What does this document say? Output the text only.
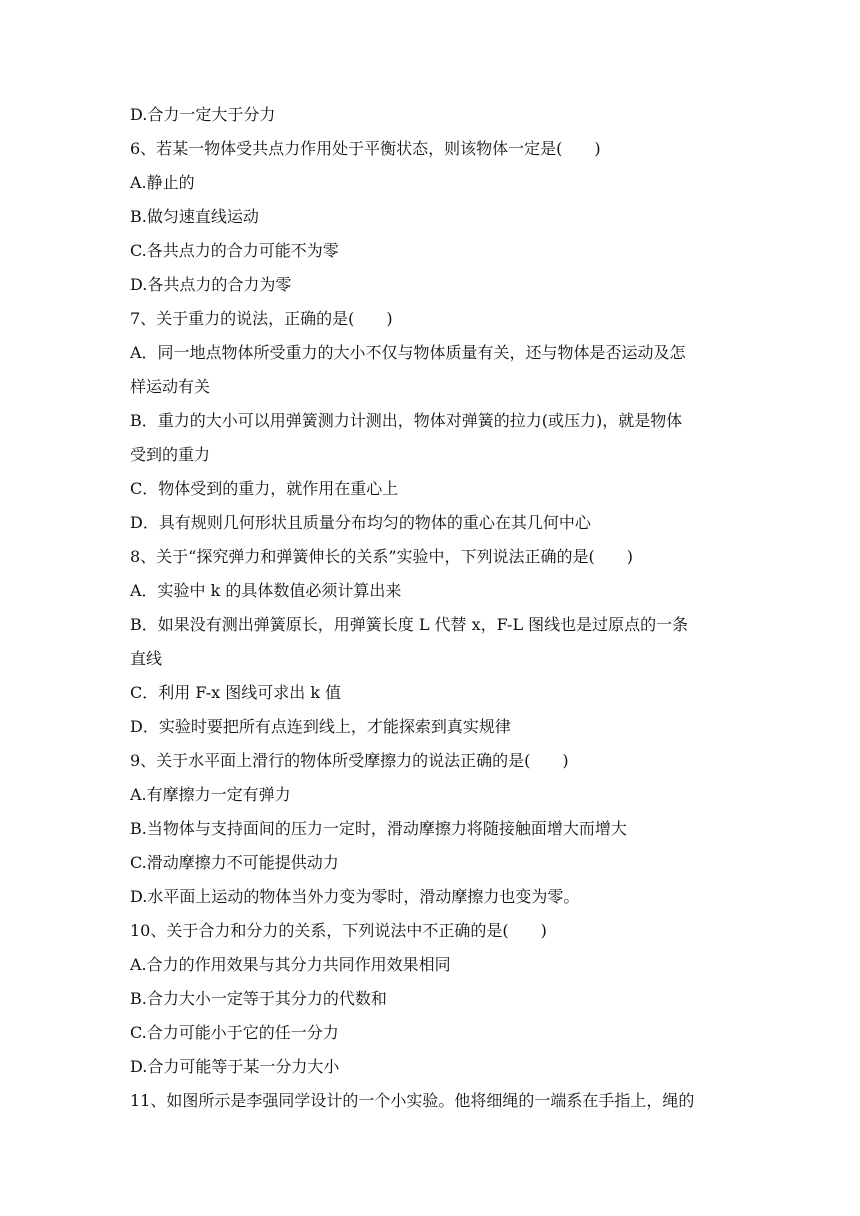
D.合力一定大于分力
6、若某一物体受共点力作用处于平衡状态，则该物体一定是(　　)
A.静止的
B.做匀速直线运动
C.各共点力的合力可能不为零
D.各共点力的合力为零
7、关于重力的说法，正确的是(　　)
A．同一地点物体所受重力的大小不仅与物体质量有关，还与物体是否运动及怎
样运动有关
B．重力的大小可以用弹簧测力计测出，物体对弹簧的拉力(或压力)，就是物体
受到的重力
C．物体受到的重力，就作用在重心上
D．具有规则几何形状且质量分布均匀的物体的重心在其几何中心
8、关于“探究弹力和弹簧伸长的关系”实验中，下列说法正确的是(　　)
A．实验中 k 的具体数值必须计算出来
B．如果没有测出弹簧原长，用弹簧长度 L 代替 x，F-L 图线也是过原点的一条
直线
C．利用 F-x 图线可求出 k 值
D．实验时要把所有点连到线上，才能探索到真实规律
9、关于水平面上滑行的物体所受摩擦力的说法正确的是(　　)
A.有摩擦力一定有弹力
B.当物体与支持面间的压力一定时，滑动摩擦力将随接触面增大而增大
C.滑动摩擦力不可能提供动力
D.水平面上运动的物体当外力变为零时，滑动摩擦力也变为零。
10、关于合力和分力的关系，下列说法中不正确的是(　　)
A.合力的作用效果与其分力共同作用效果相同
B.合力大小一定等于其分力的代数和
C.合力可能小于它的任一分力
D.合力可能等于某一分力大小
11、如图所示是李强同学设计的一个小实验。他将细绳的一端系在手指上，绳的
